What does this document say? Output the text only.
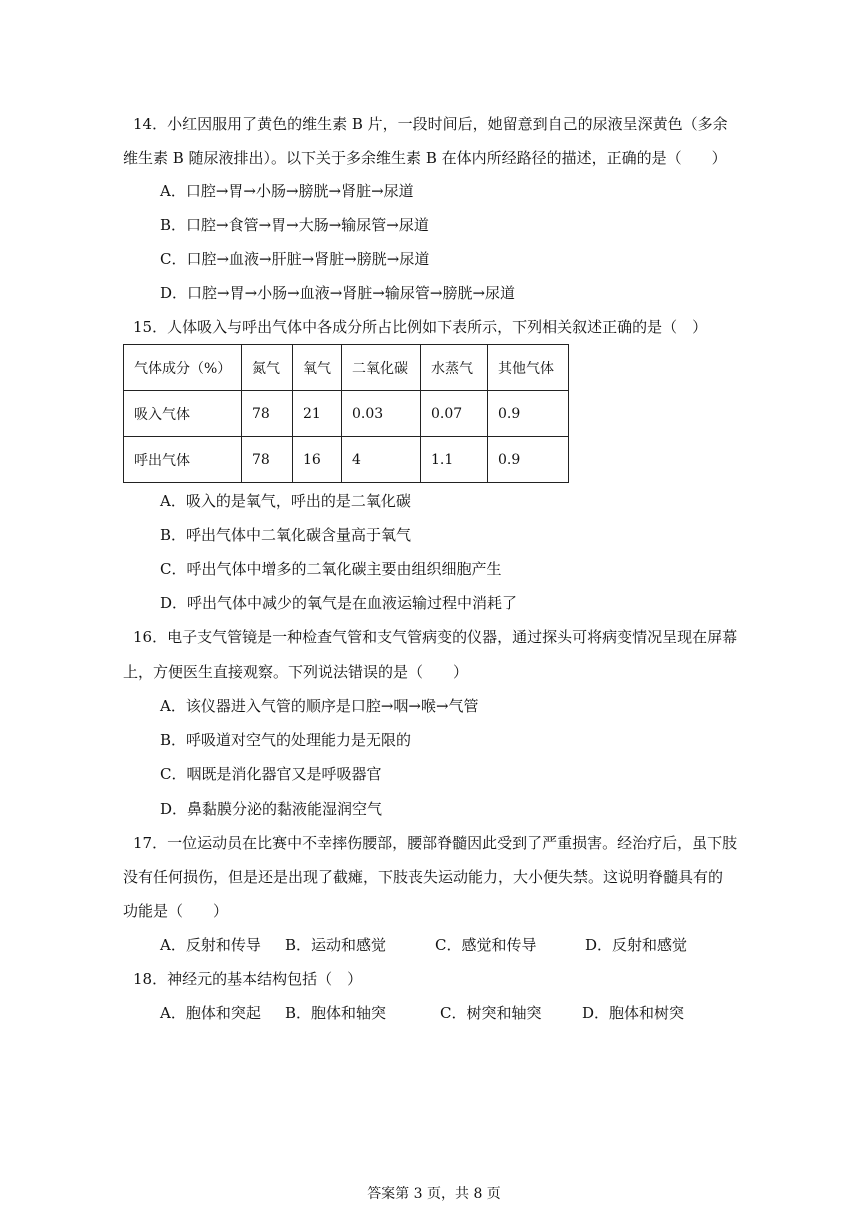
14．小红因服用了黄色的维生素 B 片，一段时间后，她留意到自己的尿液呈深黄色（多余
维生素 B 随尿液排出）。以下关于多余维生素 B 在体内所经路径的描述，正确的是（　　）
A．口腔→胃→小肠→膀胱→肾脏→尿道
B．口腔→食管→胃→大肠→输尿管→尿道
C．口腔→血液→肝脏→肾脏→膀胱→尿道
D．口腔→胃→小肠→血液→肾脏→输尿管→膀胱→尿道
15．人体吸入与呼出气体中各成分所占比例如下表所示，下列相关叙述正确的是（　）
气体成分（%）	氮气	氧气	二氧化碳	水蒸气	其他气体
吸入气体	78	21	0.03	0.07	0.9
呼出气体	78	16	4	1.1	0.9
A．吸入的是氧气，呼出的是二氧化碳
B．呼出气体中二氧化碳含量高于氧气
C．呼出气体中增多的二氧化碳主要由组织细胞产生
D．呼出气体中减少的氧气是在血液运输过程中消耗了
16．电子支气管镜是一种检查气管和支气管病变的仪器，通过探头可将病变情况呈现在屏幕
上，方便医生直接观察。下列说法错误的是（　　）
A．该仪器进入气管的顺序是口腔→咽→喉→气管
B．呼吸道对空气的处理能力是无限的
C．咽既是消化器官又是呼吸器官
D．鼻黏膜分泌的黏液能湿润空气
17．一位运动员在比赛中不幸摔伤腰部，腰部脊髓因此受到了严重损害。经治疗后，虽下肢
没有任何损伤，但是还是出现了截瘫，下肢丧失运动能力，大小便失禁。这说明脊髓具有的
功能是（　　）
A．反射和传导 B．运动和感觉	C．感觉和传导	D．反射和感觉
18．神经元的基本结构包括（　）
A．胞体和突起 B．胞体和轴突	C．树突和轴突	D．胞体和树突
答案第 3 页，共 8 页
